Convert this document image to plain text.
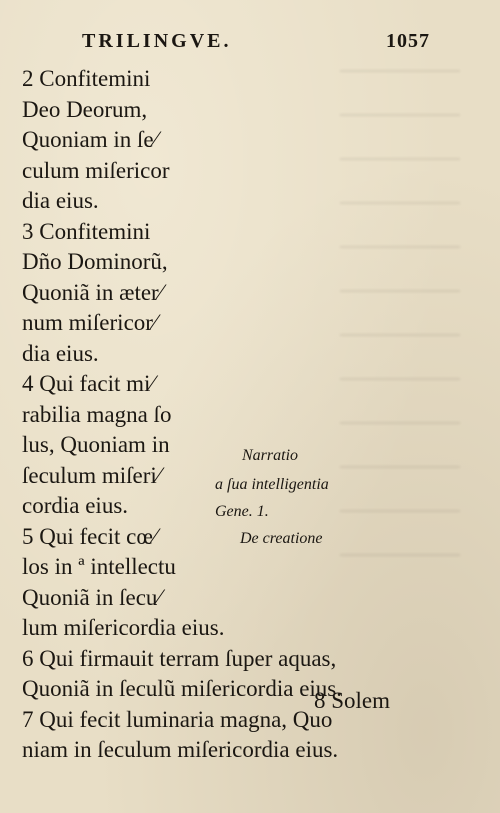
TRILINGVE.	1057
2 Confitemini
Deo Deorum,
Quoniam in ſe⁄
culum miſericor
dia eius.
3 Confitemini
Dño Dominorũ,
Quoniã in æter⁄
num miſericor⁄
dia eius.
4 Qui facit mi⁄
rabilia magna ſo
lus, Quoniam in
ſeculum miſeri⁄
cordia eius.
5 Qui fecit cœ⁄
los in ª intellectu
Quoniã in ſecu⁄
lum miſericordia eius.
6 Qui firmauit terram ſuper aquas,
Quoniã in ſeculũ miſericordia eius.
7 Qui fecit luminaria magna, Quo
niam in ſeculum miſericordia eius.
Narratio
a ſua intelligentia
Gene. 1.
De creatione
8 Solem
